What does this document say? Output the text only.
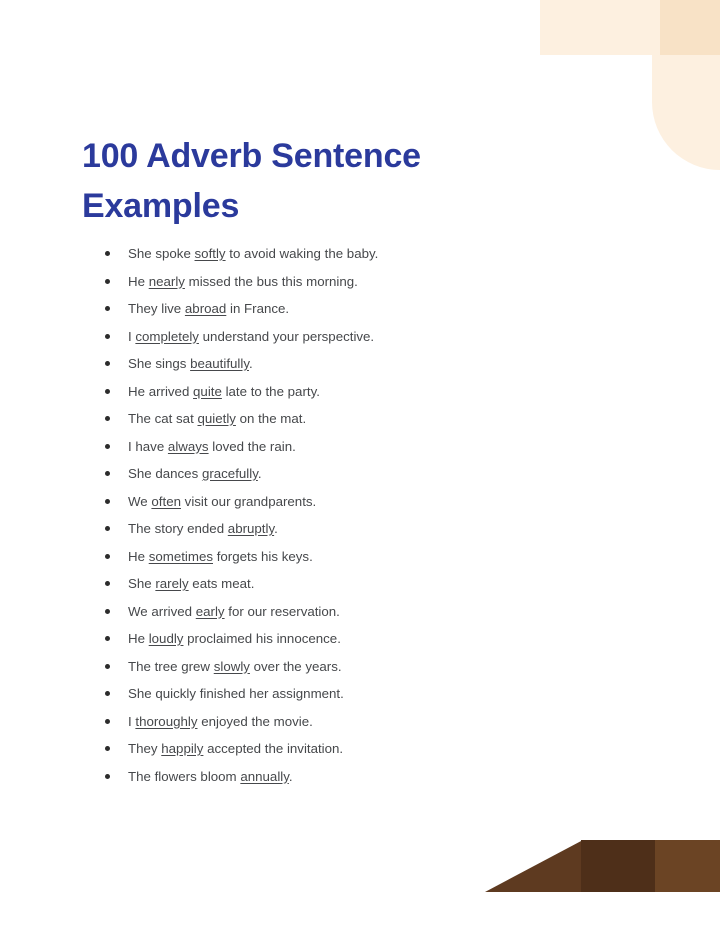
100 Adverb Sentence Examples
She spoke softly to avoid waking the baby.
He nearly missed the bus this morning.
They live abroad in France.
I completely understand your perspective.
She sings beautifully.
He arrived quite late to the party.
The cat sat quietly on the mat.
I have always loved the rain.
She dances gracefully.
We often visit our grandparents.
The story ended abruptly.
He sometimes forgets his keys.
She rarely eats meat.
We arrived early for our reservation.
He loudly proclaimed his innocence.
The tree grew slowly over the years.
She quickly finished her assignment.
I thoroughly enjoyed the movie.
They happily accepted the invitation.
The flowers bloom annually.
